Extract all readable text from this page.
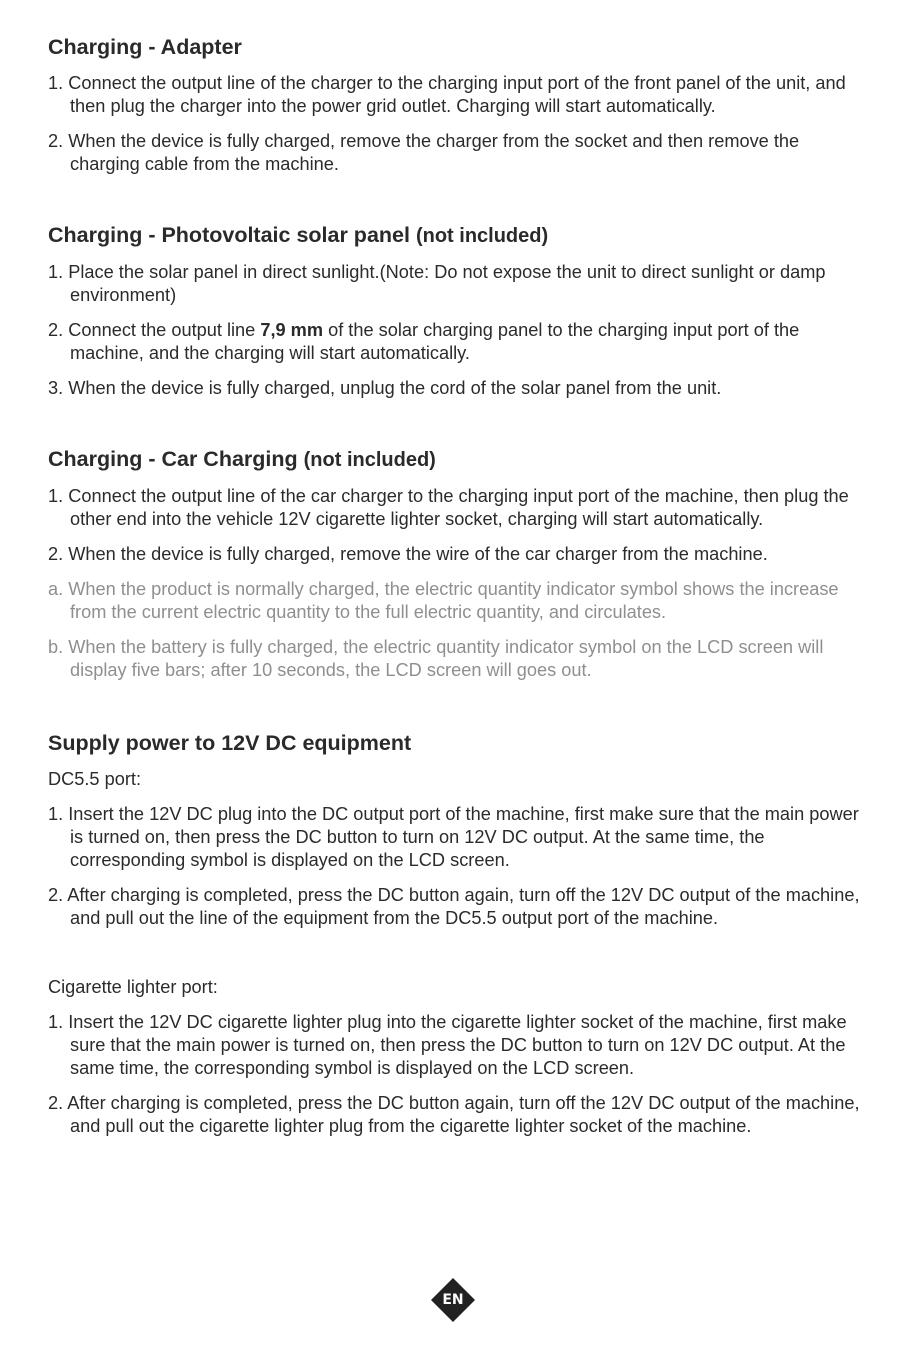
Charging - Adapter

1. Connect the output line of the charger to the charging input port of the front panel of the unit, and then plug the charger into the power grid outlet. Charging will start automatically.

2. When the device is fully charged, remove the charger from the socket and then remove the charging cable from the machine.

Charging - Photovoltaic solar panel (not included)

1. Place the solar panel in direct sunlight.(Note: Do not expose the unit to direct sunlight or damp environment)

2. Connect the output line 7,9 mm of the solar charging panel to the charging input port of the machine, and the charging will start automatically.

3. When the device is fully charged, unplug the cord of the solar panel from the unit.

Charging - Car Charging (not included)

1. Connect the output line of the car charger to the charging input port of the machine, then plug the other end into the vehicle 12V cigarette lighter socket, charging will start automatically.

2. When the device is fully charged, remove the wire of the car charger from the machine.

a. When the product is normally charged, the electric quantity indicator symbol shows the increase from the current electric quantity to the full electric quantity, and circulates.

b. When the battery is fully charged, the electric quantity indicator symbol on the LCD screen will display five bars; after 10 seconds, the LCD screen will goes out.

Supply power to 12V DC equipment

DC5.5 port:

1. Insert the 12V DC plug into the DC output port of the machine, first make sure that the main power is turned on, then press the DC button to turn on 12V DC output. At the same time, the corresponding symbol is displayed on the LCD screen.

2. After charging is completed, press the DC button again, turn off the 12V DC output of the machine, and pull out the line of the equipment from the DC5.5 output port of the machine.

Cigarette lighter port:

1. Insert the 12V DC cigarette lighter plug into the cigarette lighter socket of the machine, first make sure that the main power is turned on, then press the DC button to turn on 12V DC output. At the same time, the corresponding symbol is displayed on the LCD screen.

2. After charging is completed, press the DC button again, turn off the 12V DC output of the machine, and pull out the cigarette lighter plug from the cigarette lighter socket of the machine.

EN
